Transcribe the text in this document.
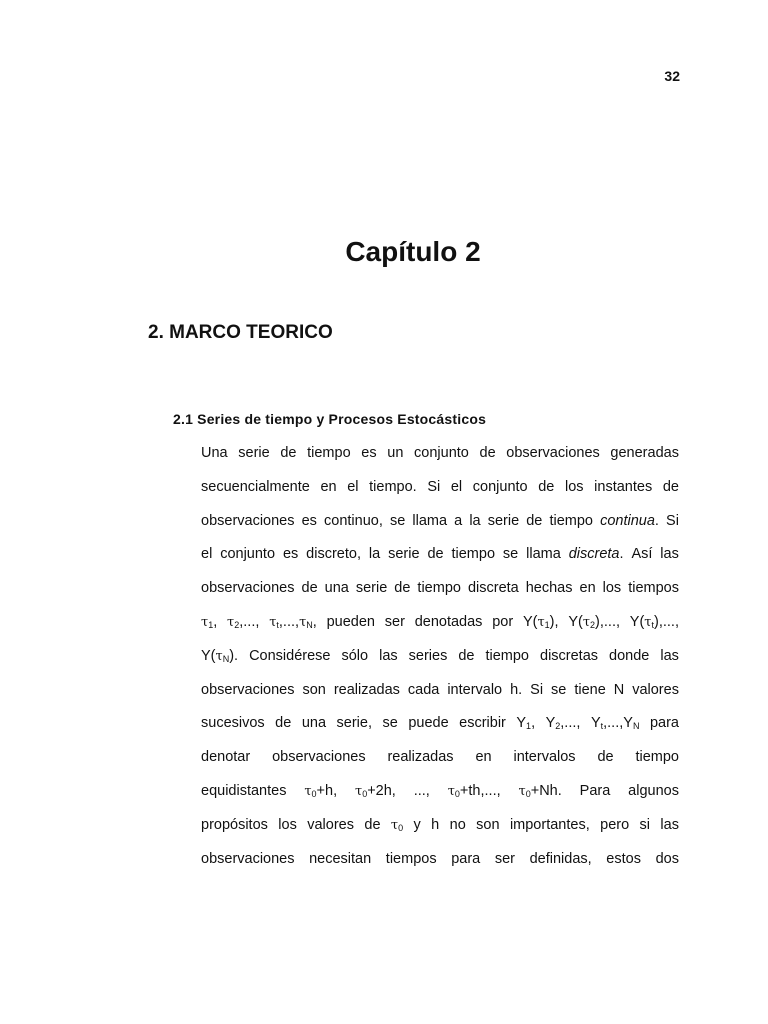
32
Capítulo 2
2. MARCO TEORICO
2.1 Series de tiempo y Procesos Estocásticos
Una serie de tiempo es un conjunto de observaciones generadas
secuencialmente en el tiempo. Si el conjunto de los instantes de
observaciones es continuo, se llama a la serie de tiempo continua. Si
el conjunto es discreto, la serie de tiempo se llama discreta. Así las
observaciones de una serie de tiempo discreta hechas en los tiempos
$\tau_1$, $\tau_2$,..., $\tau_t,...,\tau_N$, pueden ser denotadas por $Y(\tau_1)$, $Y(\tau_2)$,..., $Y(\tau_t)$,...,
$Y(\tau_N)$. Considérese sólo las series de tiempo discretas donde las
observaciones son realizadas cada intervalo h. Si se tiene N valores
sucesivos de una serie, se puede escribir $Y_1$, $Y_2$,..., $Y_t,...,Y_N$ para
denotar observaciones realizadas en intervalos de tiempo
equidistantes $\tau_0+h$, $\tau_0+2h$, ..., $\tau_0+th$,..., $\tau_0+Nh$. Para algunos
propósitos los valores de $\tau_0$ y h no son importantes, pero si las
observaciones necesitan tiempos para ser definidas, estos dos
